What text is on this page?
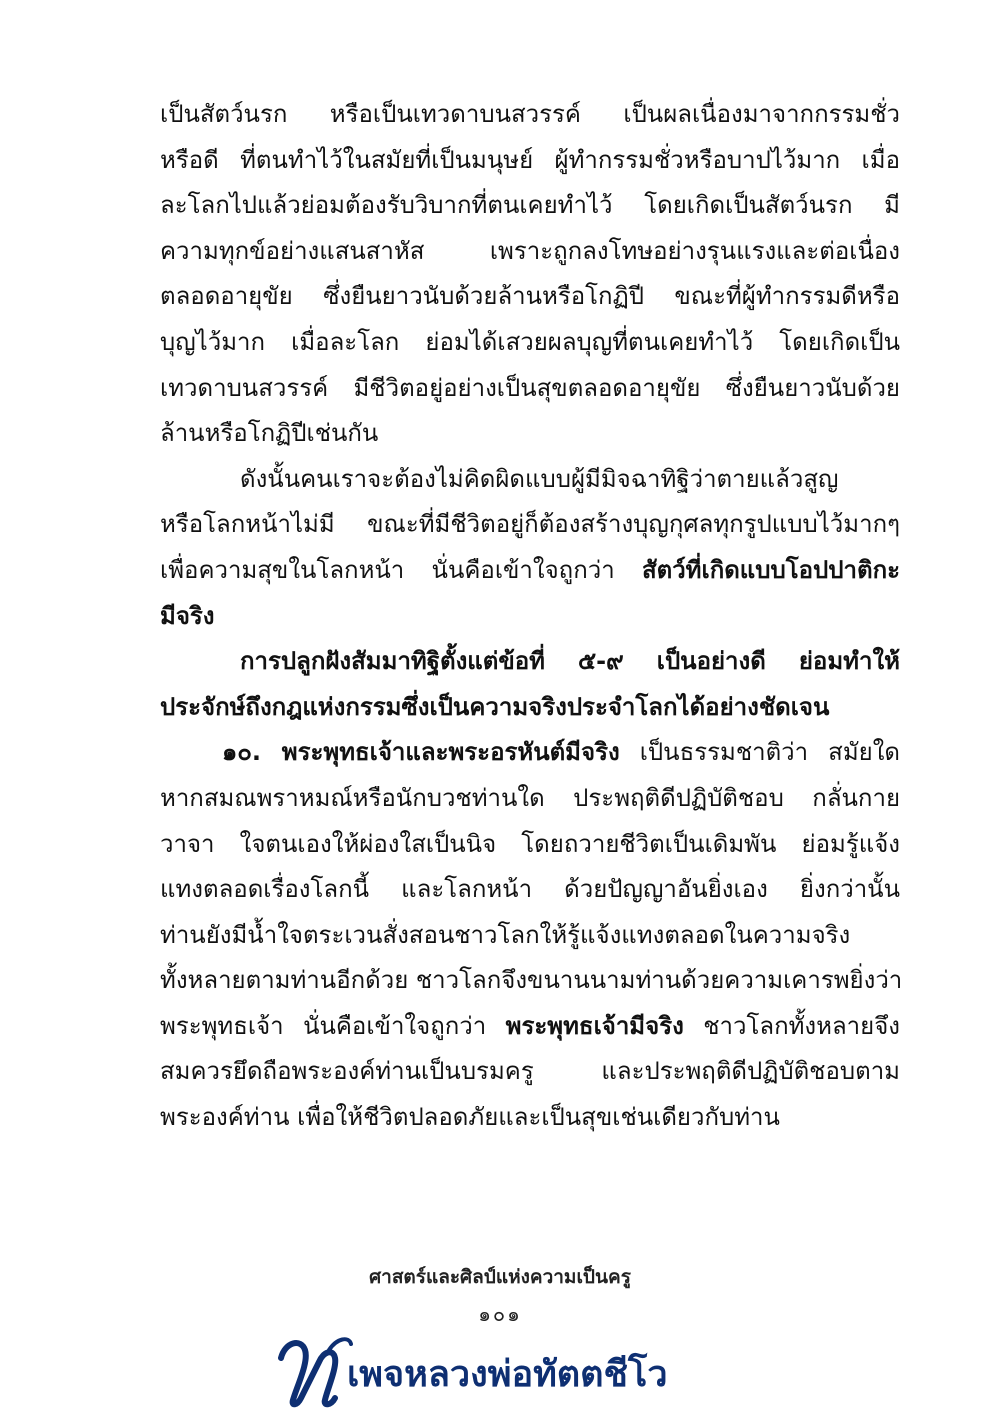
เป็นสัตว์นรก หรือเป็นเทวดาบนสวรรค์ เป็นผลเนื่องมาจากกรรมชั่ว
หรือดี ที่ตนทำไว้ในสมัยที่เป็นมนุษย์ ผู้ทำกรรมชั่วหรือบาปไว้มาก เมื่อ
ละโลกไปแล้วย่อมต้องรับวิบากที่ตนเคยทำไว้ โดยเกิดเป็นสัตว์นรก มี
ความทุกข์อย่างแสนสาหัส เพราะถูกลงโทษอย่างรุนแรงและต่อเนื่อง
ตลอดอายุขัย ซึ่งยืนยาวนับด้วยล้านหรือโกฏิปี ขณะที่ผู้ทำกรรมดีหรือ
บุญไว้มาก เมื่อละโลก ย่อมได้เสวยผลบุญที่ตนเคยทำไว้ โดยเกิดเป็น
เทวดาบนสวรรค์ มีชีวิตอยู่อย่างเป็นสุขตลอดอายุขัย ซึ่งยืนยาวนับด้วย
ล้านหรือโกฏิปีเช่นกัน
ดังนั้นคนเราจะต้องไม่คิดผิดแบบผู้มีมิจฉาทิฐิว่าตายแล้วสูญ
หรือโลกหน้าไม่มี ขณะที่มีชีวิตอยู่ก็ต้องสร้างบุญกุศลทุกรูปแบบไว้มากๆ
เพื่อความสุขในโลกหน้า นั่นคือเข้าใจถูกว่า สัตว์ที่เกิดแบบโอปปาติกะ
มีจริง
การปลูกฝังสัมมาทิฐิตั้งแต่ข้อที่ ๕-๙ เป็นอย่างดี ย่อมทำให้
ประจักษ์ถึงกฎแห่งกรรมซึ่งเป็นความจริงประจำโลกได้อย่างชัดเจน
๑๐. พระพุทธเจ้าและพระอรหันต์มีจริง เป็นธรรมชาติว่า สมัยใด
หากสมณพราหมณ์หรือนักบวชท่านใด ประพฤติดีปฏิบัติชอบ กลั่นกาย
วาจา ใจตนเองให้ผ่องใสเป็นนิจ โดยถวายชีวิตเป็นเดิมพัน ย่อมรู้แจ้ง
แทงตลอดเรื่องโลกนี้ และโลกหน้า ด้วยปัญญาอันยิ่งเอง ยิ่งกว่านั้น
ท่านยังมีน้ำใจตระเวนสั่งสอนชาวโลกให้รู้แจ้งแทงตลอดในความจริง
ทั้งหลายตามท่านอีกด้วย ชาวโลกจึงขนานนามท่านด้วยความเคารพยิ่งว่า
พระพุทธเจ้า นั่นคือเข้าใจถูกว่า พระพุทธเจ้ามีจริง ชาวโลกทั้งหลายจึง
สมควรยึดถือพระองค์ท่านเป็นบรมครู และประพฤติดีปฏิบัติชอบตาม
พระองค์ท่าน เพื่อให้ชีวิตปลอดภัยและเป็นสุขเช่นเดียวกับท่าน
ศาสตร์และศิลป์แห่งความเป็นครู
๑๐๑
เพจหลวงพ่อทัตตชีโว
